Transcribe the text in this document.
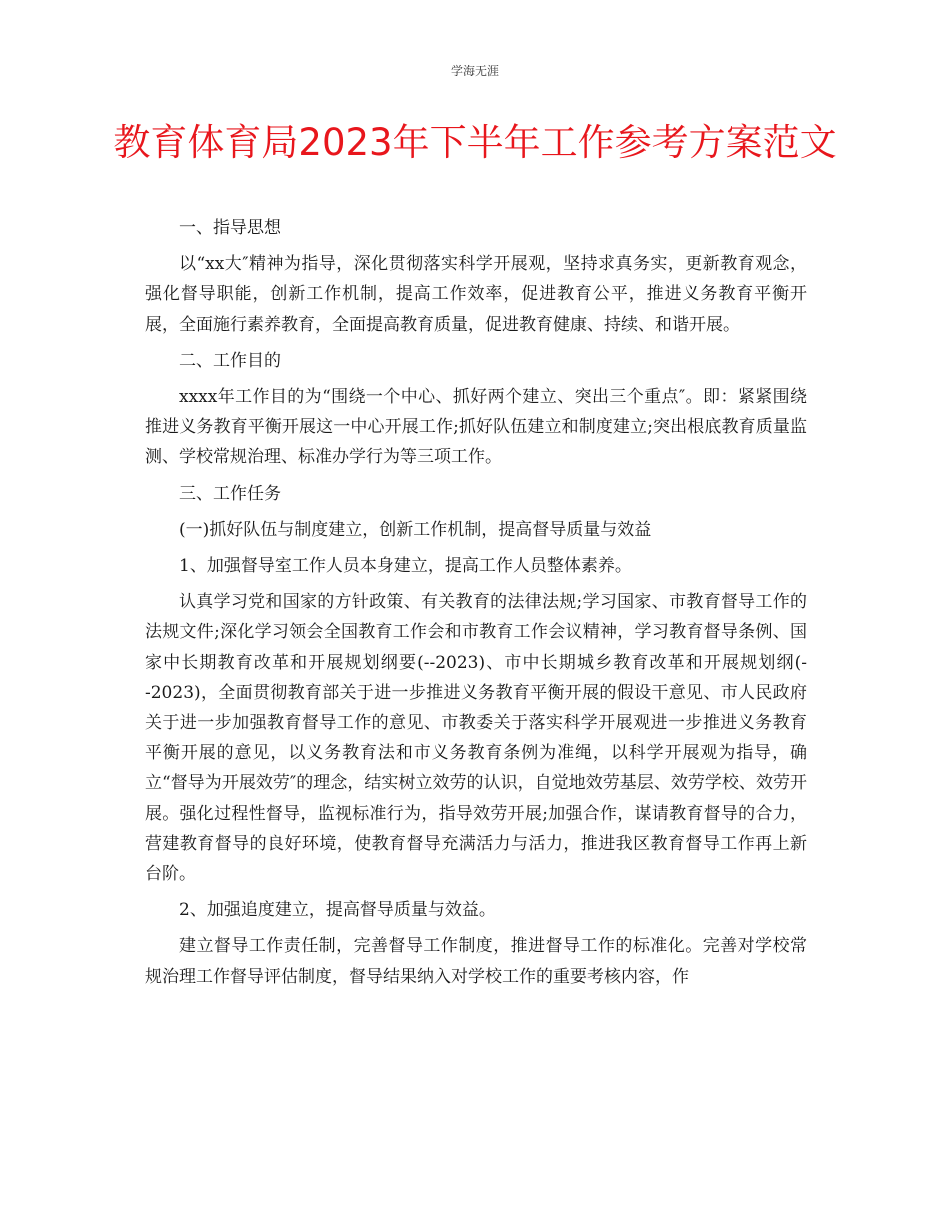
学海无涯
教育体育局2023年下半年工作参考方案范文

一、指导思想

以“xx大″精神为指导，深化贯彻落实科学开展观，坚持求真务实，更新教育观念，强化督导职能，创新工作机制，提高工作效率，促进教育公平，推进义务教育平衡开展，全面施行素养教育，全面提高教育质量，促进教育健康、持续、和谐开展。

二、工作目的

xxxx年工作目的为“围绕一个中心、抓好两个建立、突出三个重点″。即：紧紧围绕推进义务教育平衡开展这一中心开展工作;抓好队伍建立和制度建立;突出根底教育质量监测、学校常规治理、标准办学行为等三项工作。

三、工作任务

(一)抓好队伍与制度建立，创新工作机制，提高督导质量与效益

1、加强督导室工作人员本身建立，提高工作人员整体素养。

认真学习党和国家的方针政策、有关教育的法律法规;学习国家、市教育督导工作的法规文件;深化学习领会全国教育工作会和市教育工作会议精神，学习教育督导条例、国家中长期教育改革和开展规划纲要(--2023)、市中长期城乡教育改革和开展规划纲(--2023)，全面贯彻教育部关于进一步推进义务教育平衡开展的假设干意见、市人民政府关于进一步加强教育督导工作的意见、市教委关于落实科学开展观进一步推进义务教育平衡开展的意见，以义务教育法和市义务教育条例为准绳，以科学开展观为指导，确立“督导为开展效劳″的理念，结实树立效劳的认识，自觉地效劳基层、效劳学校、效劳开展。强化过程性督导，监视标准行为，指导效劳开展;加强合作，谋请教育督导的合力，营建教育督导的良好环境，使教育督导充满活力与活力，推进我区教育督导工作再上新台阶。

2、加强追度建立，提高督导质量与效益。

建立督导工作责任制，完善督导工作制度，推进督导工作的标准化。完善对学校常规治理工作督导评估制度，督导结果纳入对学校工作的重要考核内容，作
